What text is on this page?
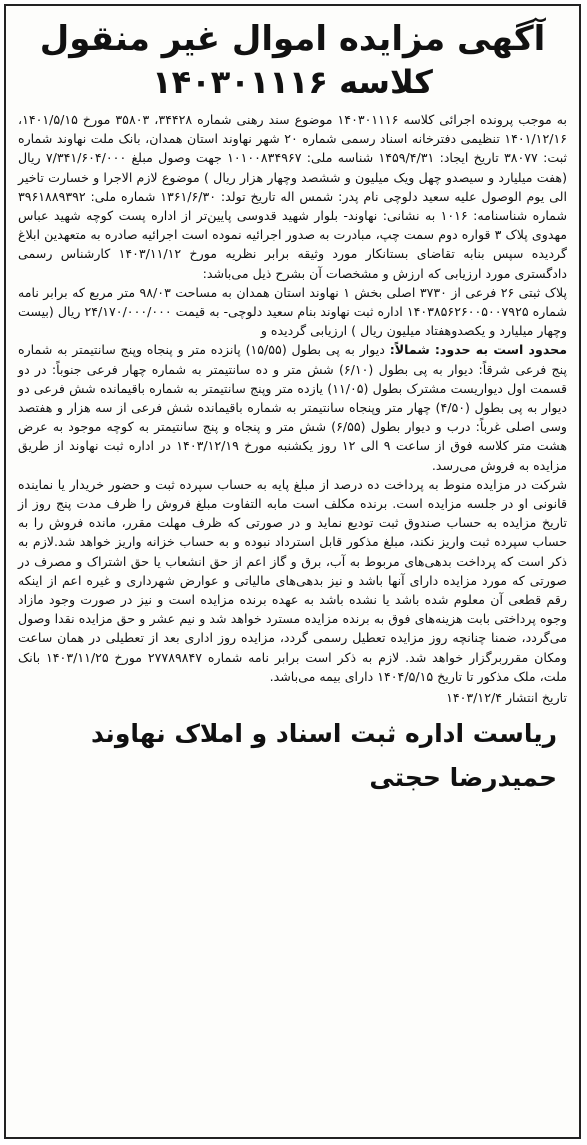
آگهی مزایده اموال غیر منقول
کلاسه ۱۴۰۳۰۱۱۱۶

به موجب پرونده اجرائی کلاسه ۱۴۰۳۰۱۱۱۶ موضوع سند رهنی شماره ۳۴۴۲۸، ۳۵۸۰۳ مورخ ۱۴۰۱/۵/۱۵، ۱۴۰۱/۱۲/۱۶ تنظیمی دفترخانه اسناد رسمی شماره ۲۰ شهر نهاوند استان همدان، بانک ملت نهاوند شماره ثبت: ۳۸۰۷۷ تاریخ ایجاد: ۱۴۵۹/۴/۳۱ شناسه ملی: ۱۰۱۰۰۸۳۴۹۶۷ جهت وصول مبلغ ۷/۳۴۱/۶۰۴/۰۰۰ ریال (هفت میلیارد و سیصدو چهل ویک میلیون و ششصد وچهار هزار ریال ) موضوع لازم الاجرا و خسارت تاخیر الی یوم الوصول علیه سعید دلوچی نام پدر: شمس اله تاریخ تولد: ۱۳۶۱/۶/۳۰ شماره ملی: ۳۹۶۱۸۸۹۳۹۲ شماره شناسنامه: ۱۰۱۶ به نشانی: نهاوند- بلوار شهید قدوسی پایین‌تر از اداره پست کوچه شهید عباس مهدوی پلاک ۳ قواره دوم سمت چپ، مبادرت به صدور اجرائیه نموده است اجرائیه صادره به متعهدین ابلاغ گردیده سپس بنابه تقاضای بستانکار مورد وثیقه برابر نظریه مورخ ۱۴۰۳/۱۱/۱۲ کارشناس رسمی دادگستری مورد ارزیابی که ارزش و مشخصات آن بشرح ذیل می‌باشد:

پلاک ثبتی ۲۶ فرعی از ۳۷۳۰ اصلی بخش ۱ نهاوند استان همدان به مساحت ۹۸/۰۳ متر مربع که برابر نامه شماره ۱۴۰۳۸۵۶۲۶۰۰۵۰۰۷۹۲۵ اداره ثبت نهاوند بنام سعید دلوچی- به قیمت ۲۴/۱۷۰/۰۰۰/۰۰۰ ریال (بیست وچهار میلیارد و یکصدوهفتاد میلیون ریال ) ارزیابی گردیده و
محدود است به حدود: شمالاً: دیوار به پی بطول (۱۵/۵۵) پانزده متر و پنجاه وپنج سانتیمتر به شماره پنج فرعی شرقاً: دیوار به پی بطول (۶/۱۰) شش متر و ده سانتیمتر به شماره چهار فرعی جنوباً: در دو قسمت اول دیواریست مشترک بطول (۱۱/۰۵) یازده متر وپنج سانتیمتر به شماره باقیمانده شش فرعی دو دیوار به پی بطول (۴/۵۰) چهار متر وپنجاه سانتیمتر به شماره باقیمانده شش فرعی از سه هزار و هفتصد وسی اصلی غرباً: درب و دیوار بطول (۶/۵۵) شش متر و پنجاه و پنج سانتیمتر به کوچه موجود به عرض هشت متر کلاسه فوق از ساعت ۹ الی ۱۲ روز یکشنبه مورخ ۱۴۰۳/۱۲/۱۹ در اداره ثبت نهاوند از طریق مزایده به فروش می‌رسد.

شرکت در مزایده منوط به پرداخت ده درصد از مبلغ پایه به حساب سپرده ثبت و حضور خریدار یا نماینده قانونی او در جلسه مزایده است. برنده مکلف است مابه التفاوت مبلغ فروش را ظرف مدت پنج روز از تاریخ مزایده به حساب صندوق ثبت تودیع نماید و در صورتی که ظرف مهلت مقرر، مانده فروش را به حساب سپرده ثبت واریز نکند، مبلغ مذکور قابل استرداد نبوده و به حساب خزانه واریز خواهد شد.لازم به ذکر است که پرداخت بدهی‌های مربوط به آب، برق و گاز اعم از حق انشعاب یا حق اشتراک و مصرف در صورتی که مورد مزایده دارای آنها باشد و نیز بدهی‌های مالیاتی و عوارض شهرداری و غیره اعم از اینکه رقم قطعی آن معلوم شده باشد یا نشده باشد به عهده برنده مزایده است و نیز در صورت وجود مازاد وجوه پرداختی بابت هزینه‌های فوق به برنده مزایده مسترد خواهد شد و نیم عشر و حق مزایده نقدا وصول می‌گردد، ضمنا چنانچه روز مزایده تعطیل رسمی گردد، مزایده روز اداری بعد از تعطیلی در همان ساعت ومکان مقرربرگزار خواهد شد. لازم به ذکر است برابر نامه شماره ۲۷۷۸۹۸۴۷ مورخ ۱۴۰۳/۱۱/۲۵ بانک ملت، ملک مذکور تا تاریخ ۱۴۰۴/۵/۱۵ دارای بیمه می‌باشد.

تاریخ انتشار ۱۴۰۳/۱۲/۴

ریاست اداره ثبت اسناد و املاک نهاوند
حمیدرضا حجتی
